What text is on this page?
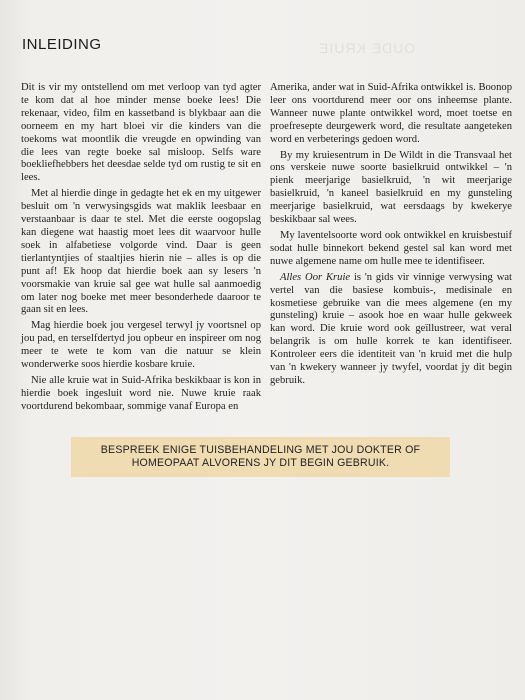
OUDE KRUIE
INLEIDING

Dit is vir my ontstellend om met verloop van tyd agter te kom dat al hoe minder mense boeke lees! Die rekenaar, video, film en kassetband is blykbaar aan die oorneem en my hart bloei vir die kinders van die toekoms wat moontlik die vreugde en opwinding van die lees van regte boeke sal misloop. Selfs ware boekliefhebbers het deesdae selde tyd om rustig te sit en lees.

Met al hierdie dinge in gedagte het ek en my uitgewer besluit om 'n verwysingsgids wat maklik leesbaar en verstaanbaar is daar te stel. Met die eerste oogopslag kan diegene wat haastig moet lees dit waarvoor hulle soek in alfabetiese volgorde vind. Daar is geen tierlantyntjies of staaltjies hierin nie – alles is op die punt af! Ek hoop dat hierdie boek aan sy lesers 'n voorsmakie van kruie sal gee wat hulle sal aanmoedig om later nog boeke met meer besonderhede daaroor te gaan sit en lees.

Mag hierdie boek jou vergesel terwyl jy voortsnel op jou pad, en terselfdertyd jou opbeur en inspireer om nog meer te wete te kom van die natuur se klein wonderwerke soos hierdie kosbare kruie.

Nie alle kruie wat in Suid-Afrika beskikbaar is kon in hierdie boek ingesluit word nie. Nuwe kruie raak voortdurend bekombaar, sommige vanaf Europa en

Amerika, ander wat in Suid-Afrika ontwikkel is. Boonop leer ons voortdurend meer oor ons inheemse plante. Wanneer nuwe plante ontwikkel word, moet toetse en proefresepte deurgewerk word, die resultate aangeteken word en verbeterings gedoen word.

By my kruiesentrum in De Wildt in die Transvaal het ons verskeie nuwe soorte basielkruid ontwikkel – 'n pienk meerjarige basielkruid, 'n wit meerjarige basielkruid, 'n kaneel basielkruid en my gunsteling meerjarige basielkruid, wat eersdaags by kwekerye beskikbaar sal wees.

My laventelsoorte word ook ontwikkel en kruisbestuif sodat hulle binnekort bekend gestel sal kan word met nuwe algemene name om hulle mee te identifiseer.

Alles Oor Kruie is 'n gids vir vinnige verwysing wat vertel van die basiese kombuis-, medisinale en kosmetiese gebruike van die mees algemene (en my gunsteling) kruie – asook hoe en waar hulle gekweek kan word. Die kruie word ook geïllustreer, wat veral belangrik is om hulle korrek te kan identifiseer. Kontroleer eers die identiteit van 'n kruid met die hulp van 'n kwekery wanneer jy twyfel, voordat jy dit begin gebruik.

BESPREEK ENIGE TUISBEHANDELING MET JOU DOKTER OF
HOMEOPAAT ALVORENS JY DIT BEGIN GEBRUIK.
